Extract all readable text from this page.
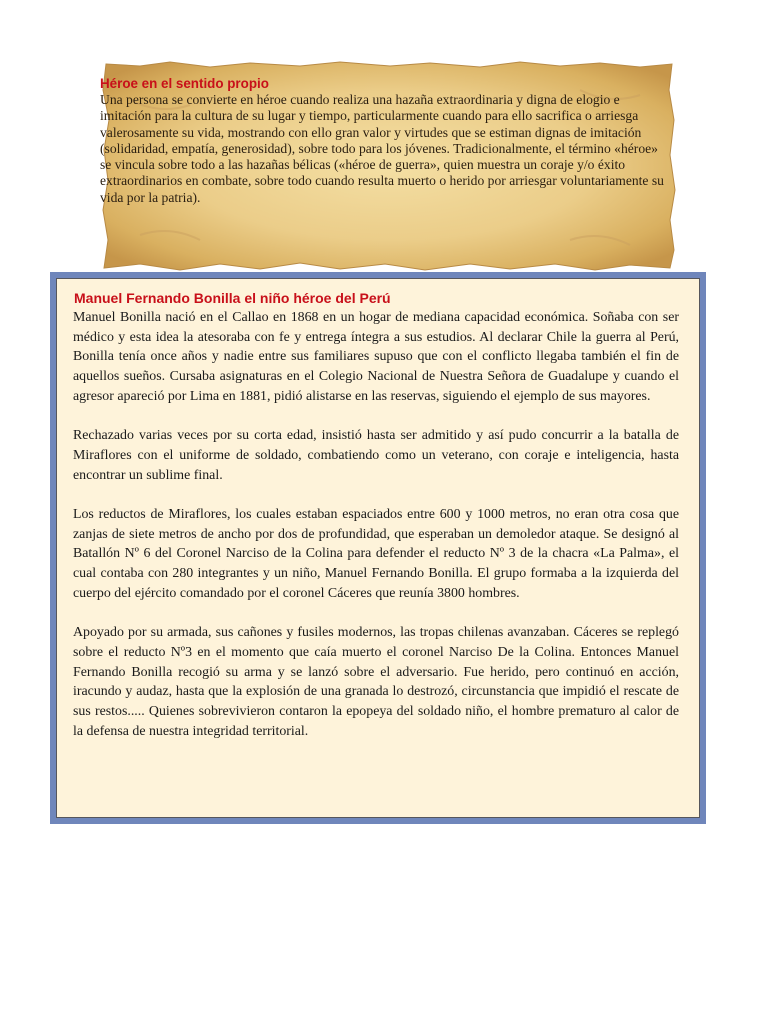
Héroe en el sentido propio
Una persona se convierte en héroe cuando realiza una hazaña extraordinaria y digna de elogio e imitación para la cultura de su lugar y tiempo, particularmente cuando para ello sacrifica o arriesga valerosamente su vida, mostrando con ello gran valor y virtudes que se estiman dignas de imitación (solidaridad, empatía, generosidad), sobre todo para los jóvenes. Tradicionalmente, el término «héroe» se vincula sobre todo a las hazañas bélicas («héroe de guerra», quien muestra un coraje y/o éxito extraordinarios en combate, sobre todo cuando resulta muerto o herido por arriesgar voluntariamente su vida por la patria).
Manuel Fernando Bonilla el niño héroe del Perú

Manuel Bonilla nació en el Callao en 1868 en un hogar de mediana capacidad económica. Soñaba con ser médico y esta idea la atesoraba con fe y entrega íntegra a sus estudios. Al declarar Chile la guerra al Perú, Bonilla tenía once años y nadie entre sus familiares supuso que con el conflicto llegaba también el fin de aquellos sueños. Cursaba asignaturas en el Colegio Nacional de Nuestra Señora de Guadalupe y cuando el agresor apareció por Lima en 1881, pidió alistarse en las reservas, siguiendo el ejemplo de sus mayores.

Rechazado varias veces por su corta edad, insistió hasta ser admitido y así pudo concurrir a la batalla de Miraflores con el uniforme de soldado, combatiendo como un veterano, con coraje e inteligencia, hasta encontrar un sublime final.

Los reductos de Miraflores, los cuales estaban espaciados entre 600 y 1000 metros, no eran otra cosa que zanjas de siete metros de ancho por dos de profundidad, que esperaban un demoledor ataque. Se designó al Batallón Nº 6 del Coronel Narciso de la Colina para defender el reducto Nº 3 de la chacra «La Palma», el cual contaba con 280 integrantes y un niño, Manuel Fernando Bonilla. El grupo formaba a la izquierda del cuerpo del ejército comandado por el coronel Cáceres que reunía 3800 hombres.

Apoyado por su armada, sus cañones y fusiles modernos, las tropas chilenas avanzaban. Cáceres se replegó sobre el reducto Nº3 en el momento que caía muerto el coronel Narciso De la Colina. Entonces Manuel Fernando Bonilla recogió su arma y se lanzó sobre el adversario. Fue herido, pero continuó en acción, iracundo y audaz, hasta que la explosión de una granada lo destrozó, circunstancia que impidió el rescate de sus restos..... Quienes sobrevivieron contaron la epopeya del soldado niño, el hombre prematuro al calor de la defensa de nuestra integridad territorial.
